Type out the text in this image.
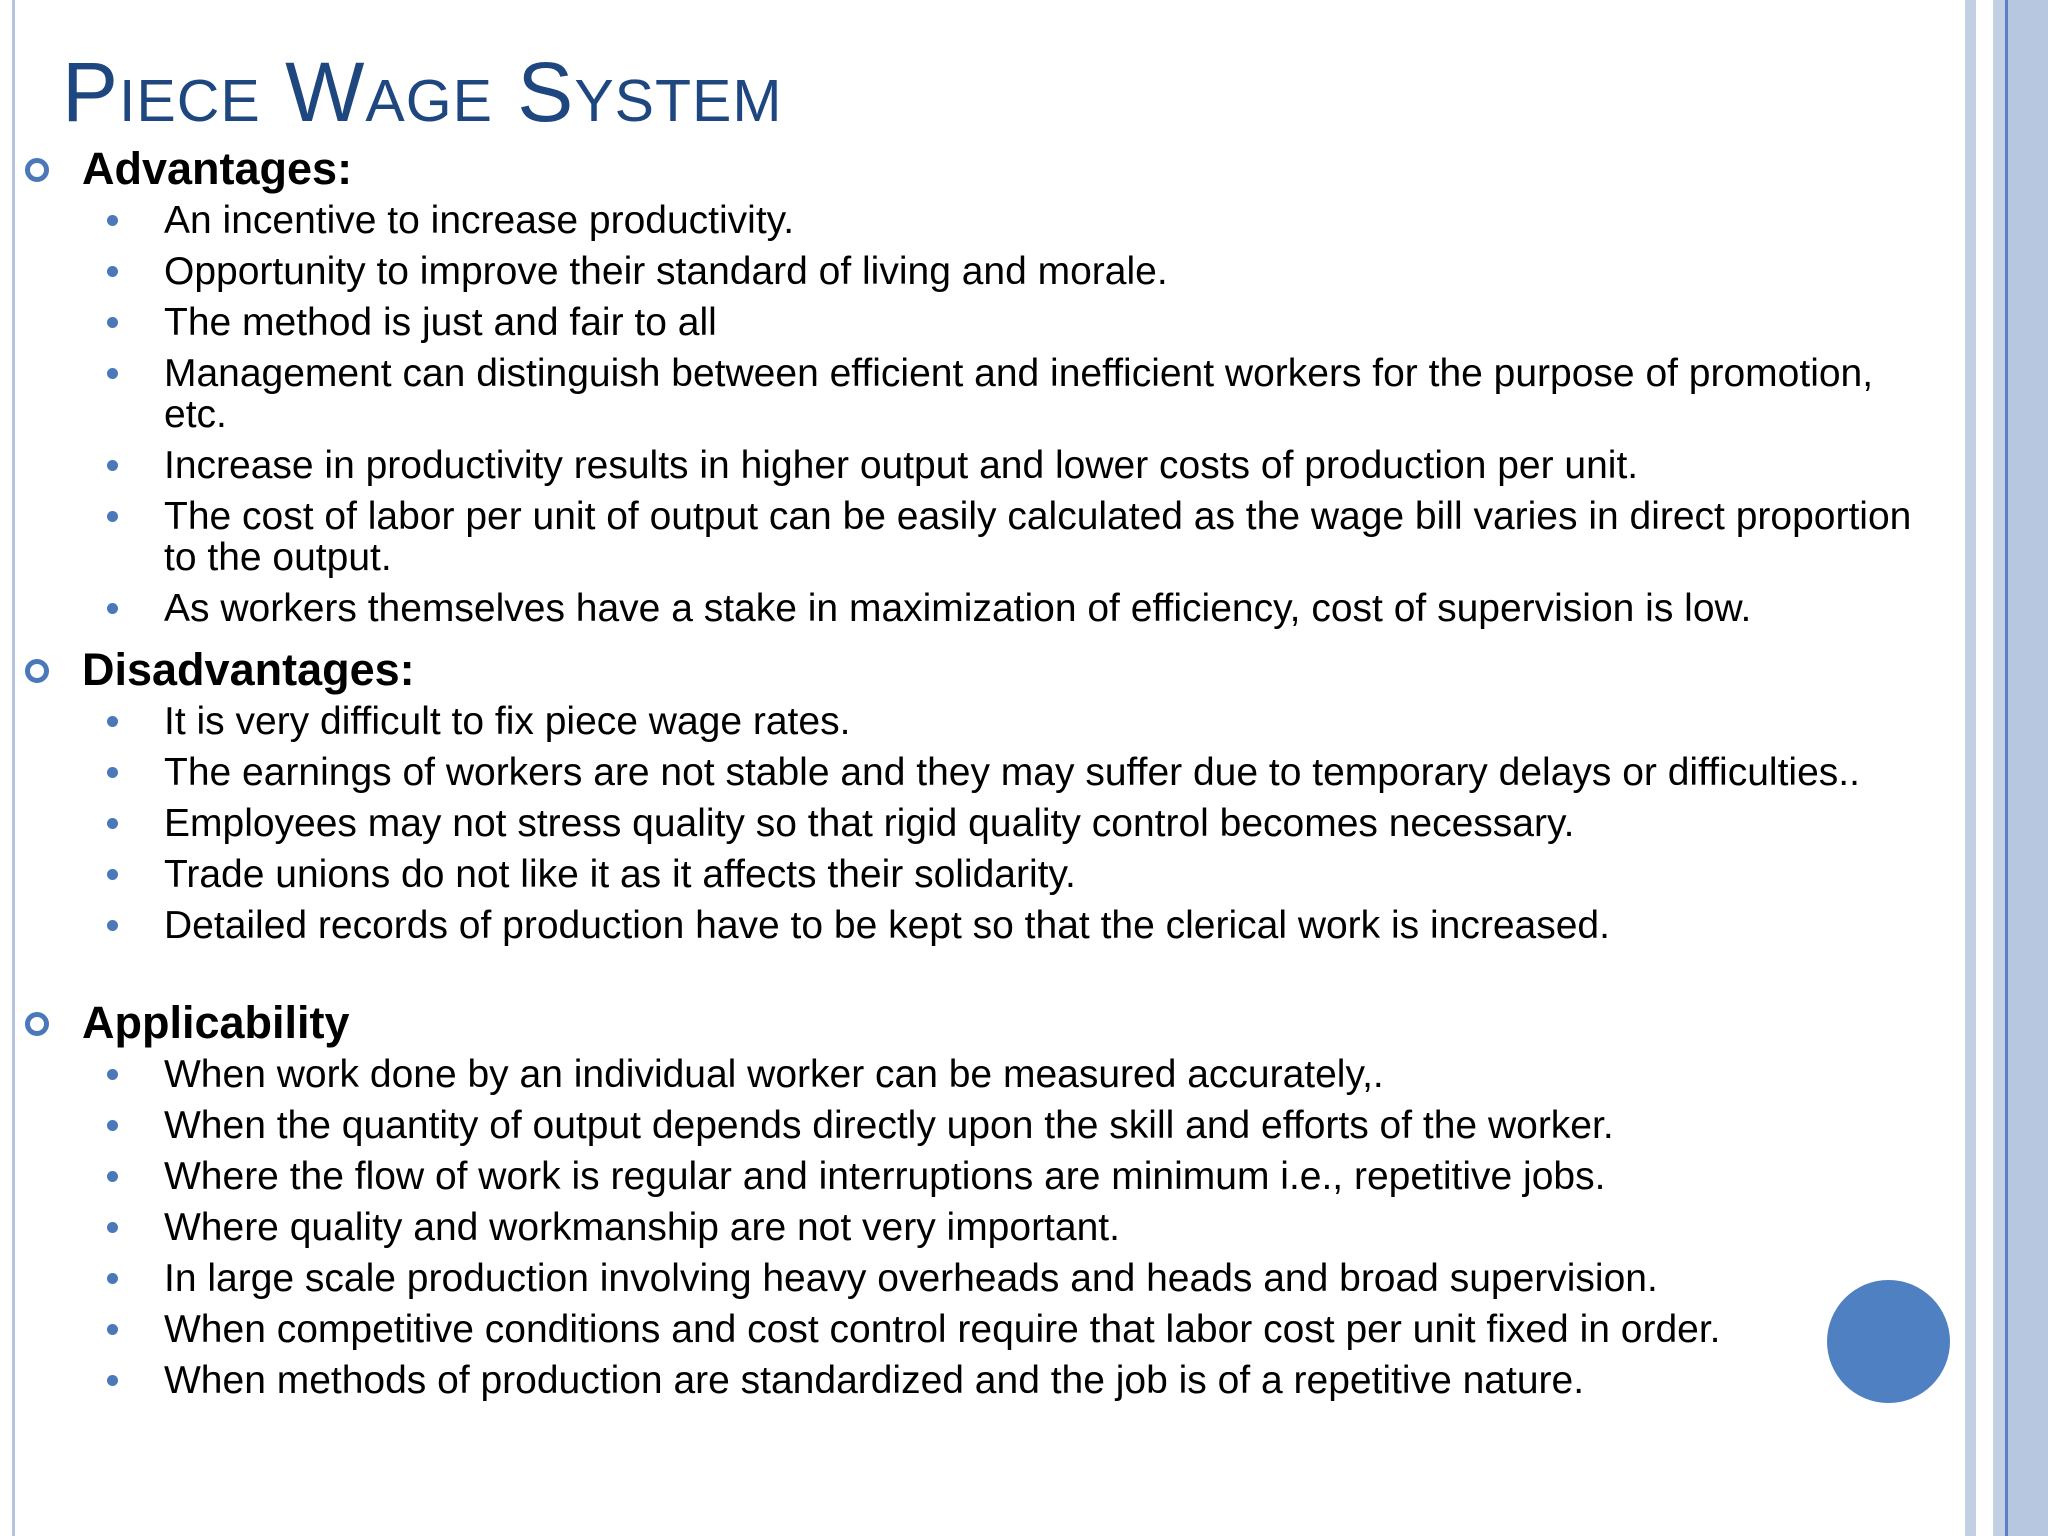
Piece Wage System
Advantages:
An incentive to increase productivity.
Opportunity to improve their standard of living and morale.
The method is just and fair to all
Management can distinguish between efficient and inefficient workers for the purpose of promotion, etc.
Increase in productivity results in higher output and lower costs of production per unit.
The cost of labor per unit of output can be easily calculated as the wage bill varies in direct proportion to the output.
As workers themselves have a stake in maximization of efficiency, cost of supervision is low.
Disadvantages:
It is very difficult to fix piece wage rates.
The earnings of workers are not stable and they may suffer due to temporary delays or difficulties..
Employees may not stress quality so that rigid quality control becomes necessary.
Trade unions do not like it as it affects their solidarity.
Detailed records of production have to be kept so that the clerical work is increased.
Applicability
When work done by an individual worker can be measured accurately,.
When the quantity of output depends directly upon the skill and efforts of the worker.
Where the flow of work is regular and interruptions are minimum i.e., repetitive jobs.
Where quality and workmanship are not very important.
In large scale production involving heavy overheads and heads and broad supervision.
When competitive conditions and cost control require that labor cost per unit fixed in order.
When methods of production are standardized and the job is of a repetitive nature.
